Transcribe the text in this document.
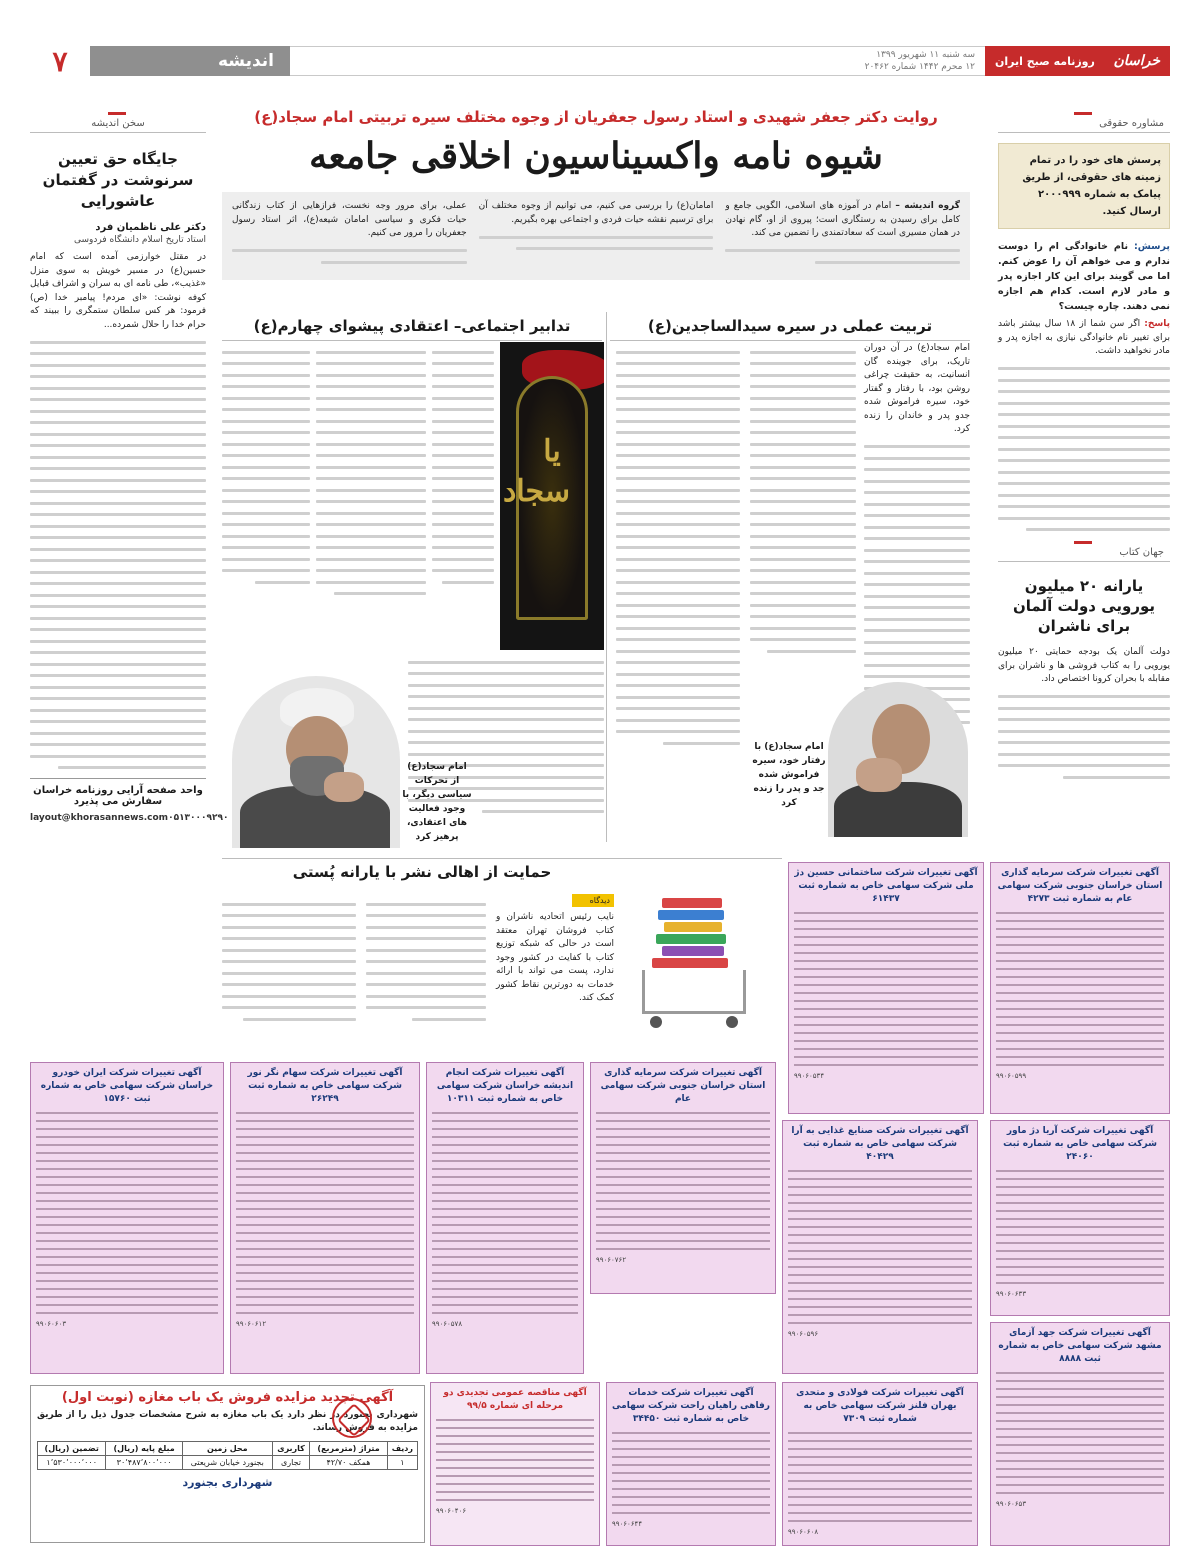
خراسان
روزنامه صبح ایران
سه شنبه ۱۱ شهریور ۱۳۹۹
۱۲ محرم ۱۴۴۲ شماره ۲۰۴۶۲
اندیشه
۷
مشاوره حقوقی
پرسش های خود را در تمام زمینه های حقوقی، از طریق پیامک به شماره ۲۰۰۰۹۹۹ ارسال کنید.
پرسش: نام خانوادگی ام را دوست ندارم و می خواهم آن را عوض کنم. اما می گویند برای این کار اجازه پدر و مادر لازم است. کدام هم اجازه نمی دهند. چاره چیست؟
پاسخ: اگر سن شما از ۱۸ سال بیشتر باشد برای تغییر نام خانوادگی نیازی به اجازه پدر و مادر نخواهید داشت.
جهان کتاب
یارانه ۲۰ میلیون یورویی دولت آلمان برای ناشران
دولت آلمان یک بودجه حمایتی ۲۰ میلیون یورویی را به کتاب فروشی ها و ناشران برای مقابله با بحران کرونا اختصاص داد.
سخن اندیشه
جایگاه حق تعیین سرنوشت در گفتمان عاشورایی
دکتر علی ناظمیان فرد
استاد تاریخ اسلام دانشگاه فردوسی
در مقتل خوارزمی آمده است که امام حسین(ع) در مسیر خویش به سوی منزل «غذیب»، طی نامه ای به سران و اشراف قبایل کوفه نوشت: «ای مردم! پیامبر خدا (ص) فرمود: هر کس سلطان ستمگری را ببیند که حرام خدا را حلال شمرده...
واحد صفحه آرایی روزنامه خراسان سفارش می پذیرد
layout@khorasannews.com ۰۵۱۳۰۰۰۹۲۹۰
روایت دکتر جعفر شهیدی و استاد رسول جعفریان از وجوه مختلف سیره تربیتی امام سجاد(ع)
شیوه نامه واکسیناسیون اخلاقی جامعه
گروه اندیشه – امام در آموزه های اسلامی، الگویی جامع و کامل برای رسیدن به رستگاری است؛ پیروی از او، گام نهادن در همان مسیری است که سعادتمندی را تضمین می کند.
امامان(ع) را بررسی می کنیم، می توانیم از وجوه مختلف آن برای ترسیم نقشه حیات فردی و اجتماعی بهره بگیریم.
عملی، برای مرور وجه نخست، فرازهایی از کتاب زندگانی حیات فکری و سیاسی امامان شیعه(ع)، اثر استاد رسول جعفریان را مرور می کنیم.
تربیت عملی در سیره سیدالساجدین(ع)
تدابیر اجتماعی– اعتقادی پیشوای چهارم(ع)
امام سجاد(ع) در آن دوران تاریک، برای جوینده گان انسانیت، به حقیقت چراغی روشن بود، با رفتار و گفتار خود، سیره فراموش شده جدو پدر و خاندان را زنده کرد.
امام سجاد(ع) با رفتار خود، سیره فراموش شده جد و پدر را زنده کرد
یا سجاد
امام سجاد(ع) از تحرکات سیاسی دیگر، با وجود فعالیت های اعتقادی، پرهیز کرد
حمایت از اهالی نشر با یارانه پُستی
دیدگاه
نایب رئیس اتحادیه ناشران و کتاب فروشان تهران معتقد است در حالی که شبکه توزیع کتاب با کفایت در کشور وجود ندارد، پست می تواند با ارائه خدمات به دورترین نقاط کشور کمک کند.
آگهی تغییرات شرکت ساختمانی حسین دژ ملی شرکت سهامی خاص به شماره ثبت ۶۱۴۳۷
۹۹۰۶۰۵۳۴
آگهی تغییرات شرکت سرمایه گذاری استان خراسان جنوبی شرکت سهامی عام به شماره ثبت ۴۲۷۳
۹۹۰۶۰۵۹۹
آگهی تغییرات شرکت سرمایه گذاری استان خراسان جنوبی شرکت سهامی عام
۹۹۰۶۰۷۶۲
آگهی تغییرات شرکت صنایع غذایی به آرا شرکت سهامی خاص به شماره ثبت ۴۰۴۲۹
۹۹۰۶۰۵۹۶
آگهی تغییرات شرکت انجام اندیشه خراسان شرکت سهامی خاص به شماره ثبت ۱۰۳۱۱
۹۹۰۶۰۵۷۸
آگهی تغییرات شرکت سهام نگر نور شرکت سهامی خاص به شماره ثبت ۲۶۲۴۹
۹۹۰۶۰۶۱۲
آگهی تغییرات شرکت ایران خودرو خراسان شرکت سهامی خاص به شماره ثبت ۱۵۷۶۰
۹۹۰۶۰۶۰۳
آگهی تغییرات شرکت آریا دژ ماور شرکت سهامی خاص به شماره ثبت ۲۴۰۶۰
۹۹۰۶۰۶۳۳
آگهی تغییرات شرکت فولادی و متحدی بهران فلنز شرکت سهامی خاص به شماره ثبت ۷۳۰۹
۹۹۰۶۰۶۰۸
آگهی تغییرات شرکت خدمات رفاهی راهیان راحت شرکت سهامی خاص به شماره ثبت ۳۴۴۵۰
۹۹۰۶۰۶۴۴
آگهی مناقصه عمومی تجدیدی دو مرحله ای شماره ۹۹/۵
۹۹۰۶۰۴۰۶
آگهی تغییرات شرکت جهد آزمای مشهد شرکت سهامی خاص به شماره ثبت ۸۸۸۸
۹۹۰۶۰۶۵۳
آگهی تجدید مزایده فروش یک باب مغازه (نوبت اول)
شهرداری بجنورد در نظر دارد یک باب مغازه به شرح مشخصات جدول ذیل را از طریق مزایده به فروش رساند.
ردیف	متراژ (مترمربع)	کاربری	محل زمین	مبلغ پایه (ریال)	تضمین (ریال)
۱	همکف ۴۲/۷۰	تجاری	بجنورد خیابان شریعتی	۳۰٬۴۸۷٬۸۰۰٬۰۰۰	۱٬۵۳۰٬۰۰۰٬۰۰۰
شهرداری بجنورد
